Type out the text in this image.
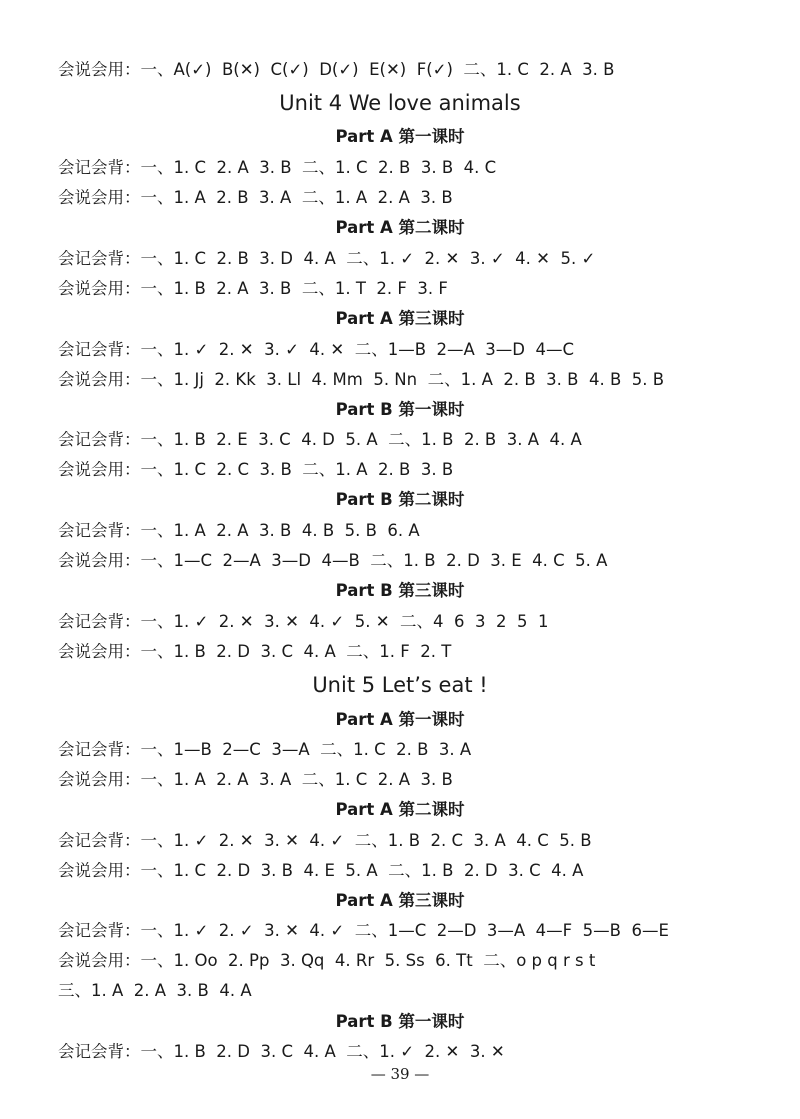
会说会用：一、A(✓)  B(✕)  C(✓)  D(✓)  E(✕)  F(✓)  二、1. C  2. A  3. B
Unit 4 We love animals
Part A 第一课时
会记会背：一、1. C  2. A  3. B  二、1. C  2. B  3. B  4. C
会说会用：一、1. A  2. B  3. A  二、1. A  2. A  3. B
Part A 第二课时
会记会背：一、1. C  2. B  3. D  4. A  二、1. ✓  2. ✕  3. ✓  4. ✕  5. ✓
会说会用：一、1. B  2. A  3. B  二、1. T  2. F  3. F
Part A 第三课时
会记会背：一、1. ✓  2. ✕  3. ✓  4. ✕  二、1—B  2—A  3—D  4—C
会说会用：一、1. Jj  2. Kk  3. Ll  4. Mm  5. Nn  二、1. A  2. B  3. B  4. B  5. B
Part B 第一课时
会记会背：一、1. B  2. E  3. C  4. D  5. A  二、1. B  2. B  3. A  4. A
会说会用：一、1. C  2. C  3. B  二、1. A  2. B  3. B
Part B 第二课时
会记会背：一、1. A  2. A  3. B  4. B  5. B  6. A
会说会用：一、1—C  2—A  3—D  4—B  二、1. B  2. D  3. E  4. C  5. A
Part B 第三课时
会记会背：一、1. ✓  2. ✕  3. ✕  4. ✓  5. ✕  二、4  6  3  2  5  1
会说会用：一、1. B  2. D  3. C  4. A  二、1. F  2. T
Unit 5 Let’s eat !
Part A 第一课时
会记会背：一、1—B  2—C  3—A  二、1. C  2. B  3. A
会说会用：一、1. A  2. A  3. A  二、1. C  2. A  3. B
Part A 第二课时
会记会背：一、1. ✓  2. ✕  3. ✕  4. ✓  二、1. B  2. C  3. A  4. C  5. B
会说会用：一、1. C  2. D  3. B  4. E  5. A  二、1. B  2. D  3. C  4. A
Part A 第三课时
会记会背：一、1. ✓  2. ✓  3. ✕  4. ✓  二、1—C  2—D  3—A  4—F  5—B  6—E
会说会用：一、1. Oo  2. Pp  3. Qq  4. Rr  5. Ss  6. Tt  二、o p q r s t
三、1. A  2. A  3. B  4. A
Part B 第一课时
会记会背：一、1. B  2. D  3. C  4. A  二、1. ✓  2. ✕  3. ✕
— 39 —
